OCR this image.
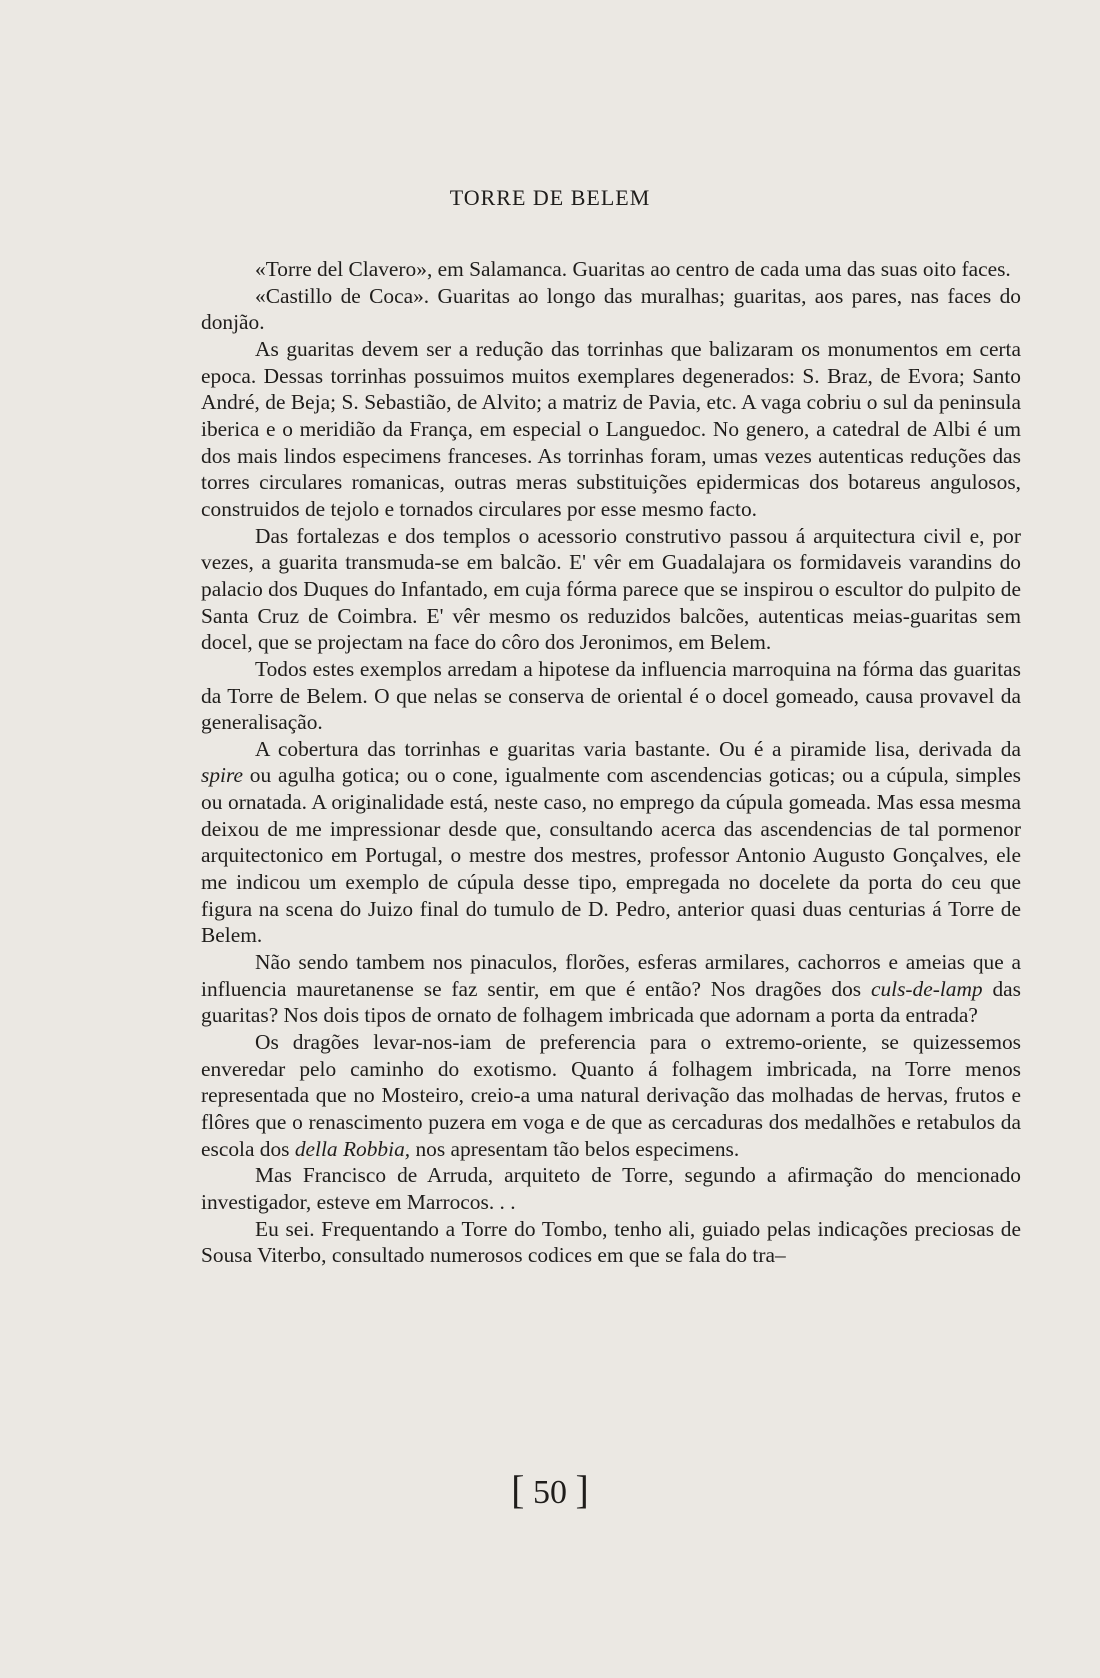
TORRE DE BELEM

«Torre del Clavero», em Salamanca. Guaritas ao centro de cada uma das suas oito faces.

«Castillo de Coca». Guaritas ao longo das muralhas; guaritas, aos pares, nas faces do donjão.

As guaritas devem ser a redução das torrinhas que balizaram os monumentos em certa epoca. Dessas torrinhas possuimos muitos exemplares degenerados: S. Braz, de Evora; Santo André, de Beja; S. Sebastião, de Alvito; a matriz de Pavia, etc. A vaga cobriu o sul da peninsula iberica e o meridião da França, em especial o Languedoc. No genero, a catedral de Albi é um dos mais lindos especimens franceses. As torrinhas foram, umas vezes autenticas reduções das torres circulares romanicas, outras meras substituições epidermicas dos botareus angulosos, construidos de tejolo e tornados circulares por esse mesmo facto.

Das fortalezas e dos templos o acessorio construtivo passou á arquitectura civil e, por vezes, a guarita transmuda-se em balcão. E' vêr em Guadalajara os formidaveis varandins do palacio dos Duques do Infantado, em cuja fórma parece que se inspirou o escultor do pulpito de Santa Cruz de Coimbra. E' vêr mesmo os reduzidos balcões, autenticas meias-guaritas sem docel, que se projectam na face do côro dos Jeronimos, em Belem.

Todos estes exemplos arredam a hipotese da influencia marroquina na fórma das guaritas da Torre de Belem. O que nelas se conserva de oriental é o docel gomeado, causa provavel da generalisação.

A cobertura das torrinhas e guaritas varia bastante. Ou é a piramide lisa, derivada da spire ou agulha gotica; ou o cone, igualmente com ascendencias goticas; ou a cúpula, simples ou ornatada. A originalidade está, neste caso, no emprego da cúpula gomeada. Mas essa mesma deixou de me impressionar desde que, consultando acerca das ascendencias de tal pormenor arquitectonico em Portugal, o mestre dos mestres, professor Antonio Augusto Gonçalves, ele me indicou um exemplo de cúpula desse tipo, empregada no docelete da porta do ceu que figura na scena do Juizo final do tumulo de D. Pedro, anterior quasi duas centurias á Torre de Belem.

Não sendo tambem nos pinaculos, florões, esferas armilares, cachorros e ameias que a influencia mauretanense se faz sentir, em que é então? Nos dragões dos culs-de-lamp das guaritas? Nos dois tipos de ornato de folhagem imbricada que adornam a porta da entrada?

Os dragões levar-nos-iam de preferencia para o extremo-oriente, se quizessemos enveredar pelo caminho do exotismo. Quanto á folhagem imbricada, na Torre menos representada que no Mosteiro, creio-a uma natural derivação das molhadas de hervas, frutos e flôres que o renascimento puzera em voga e de que as cercaduras dos medalhões e retabulos da escola dos della Robbia, nos apresentam tão belos especimens.

Mas Francisco de Arruda, arquiteto de Torre, segundo a afirmação do mencionado investigador, esteve em Marrocos. . .

Eu sei. Frequentando a Torre do Tombo, tenho ali, guiado pelas indicações preciosas de Sousa Viterbo, consultado numerosos codices em que se fala do tra–

[ 50 ]
